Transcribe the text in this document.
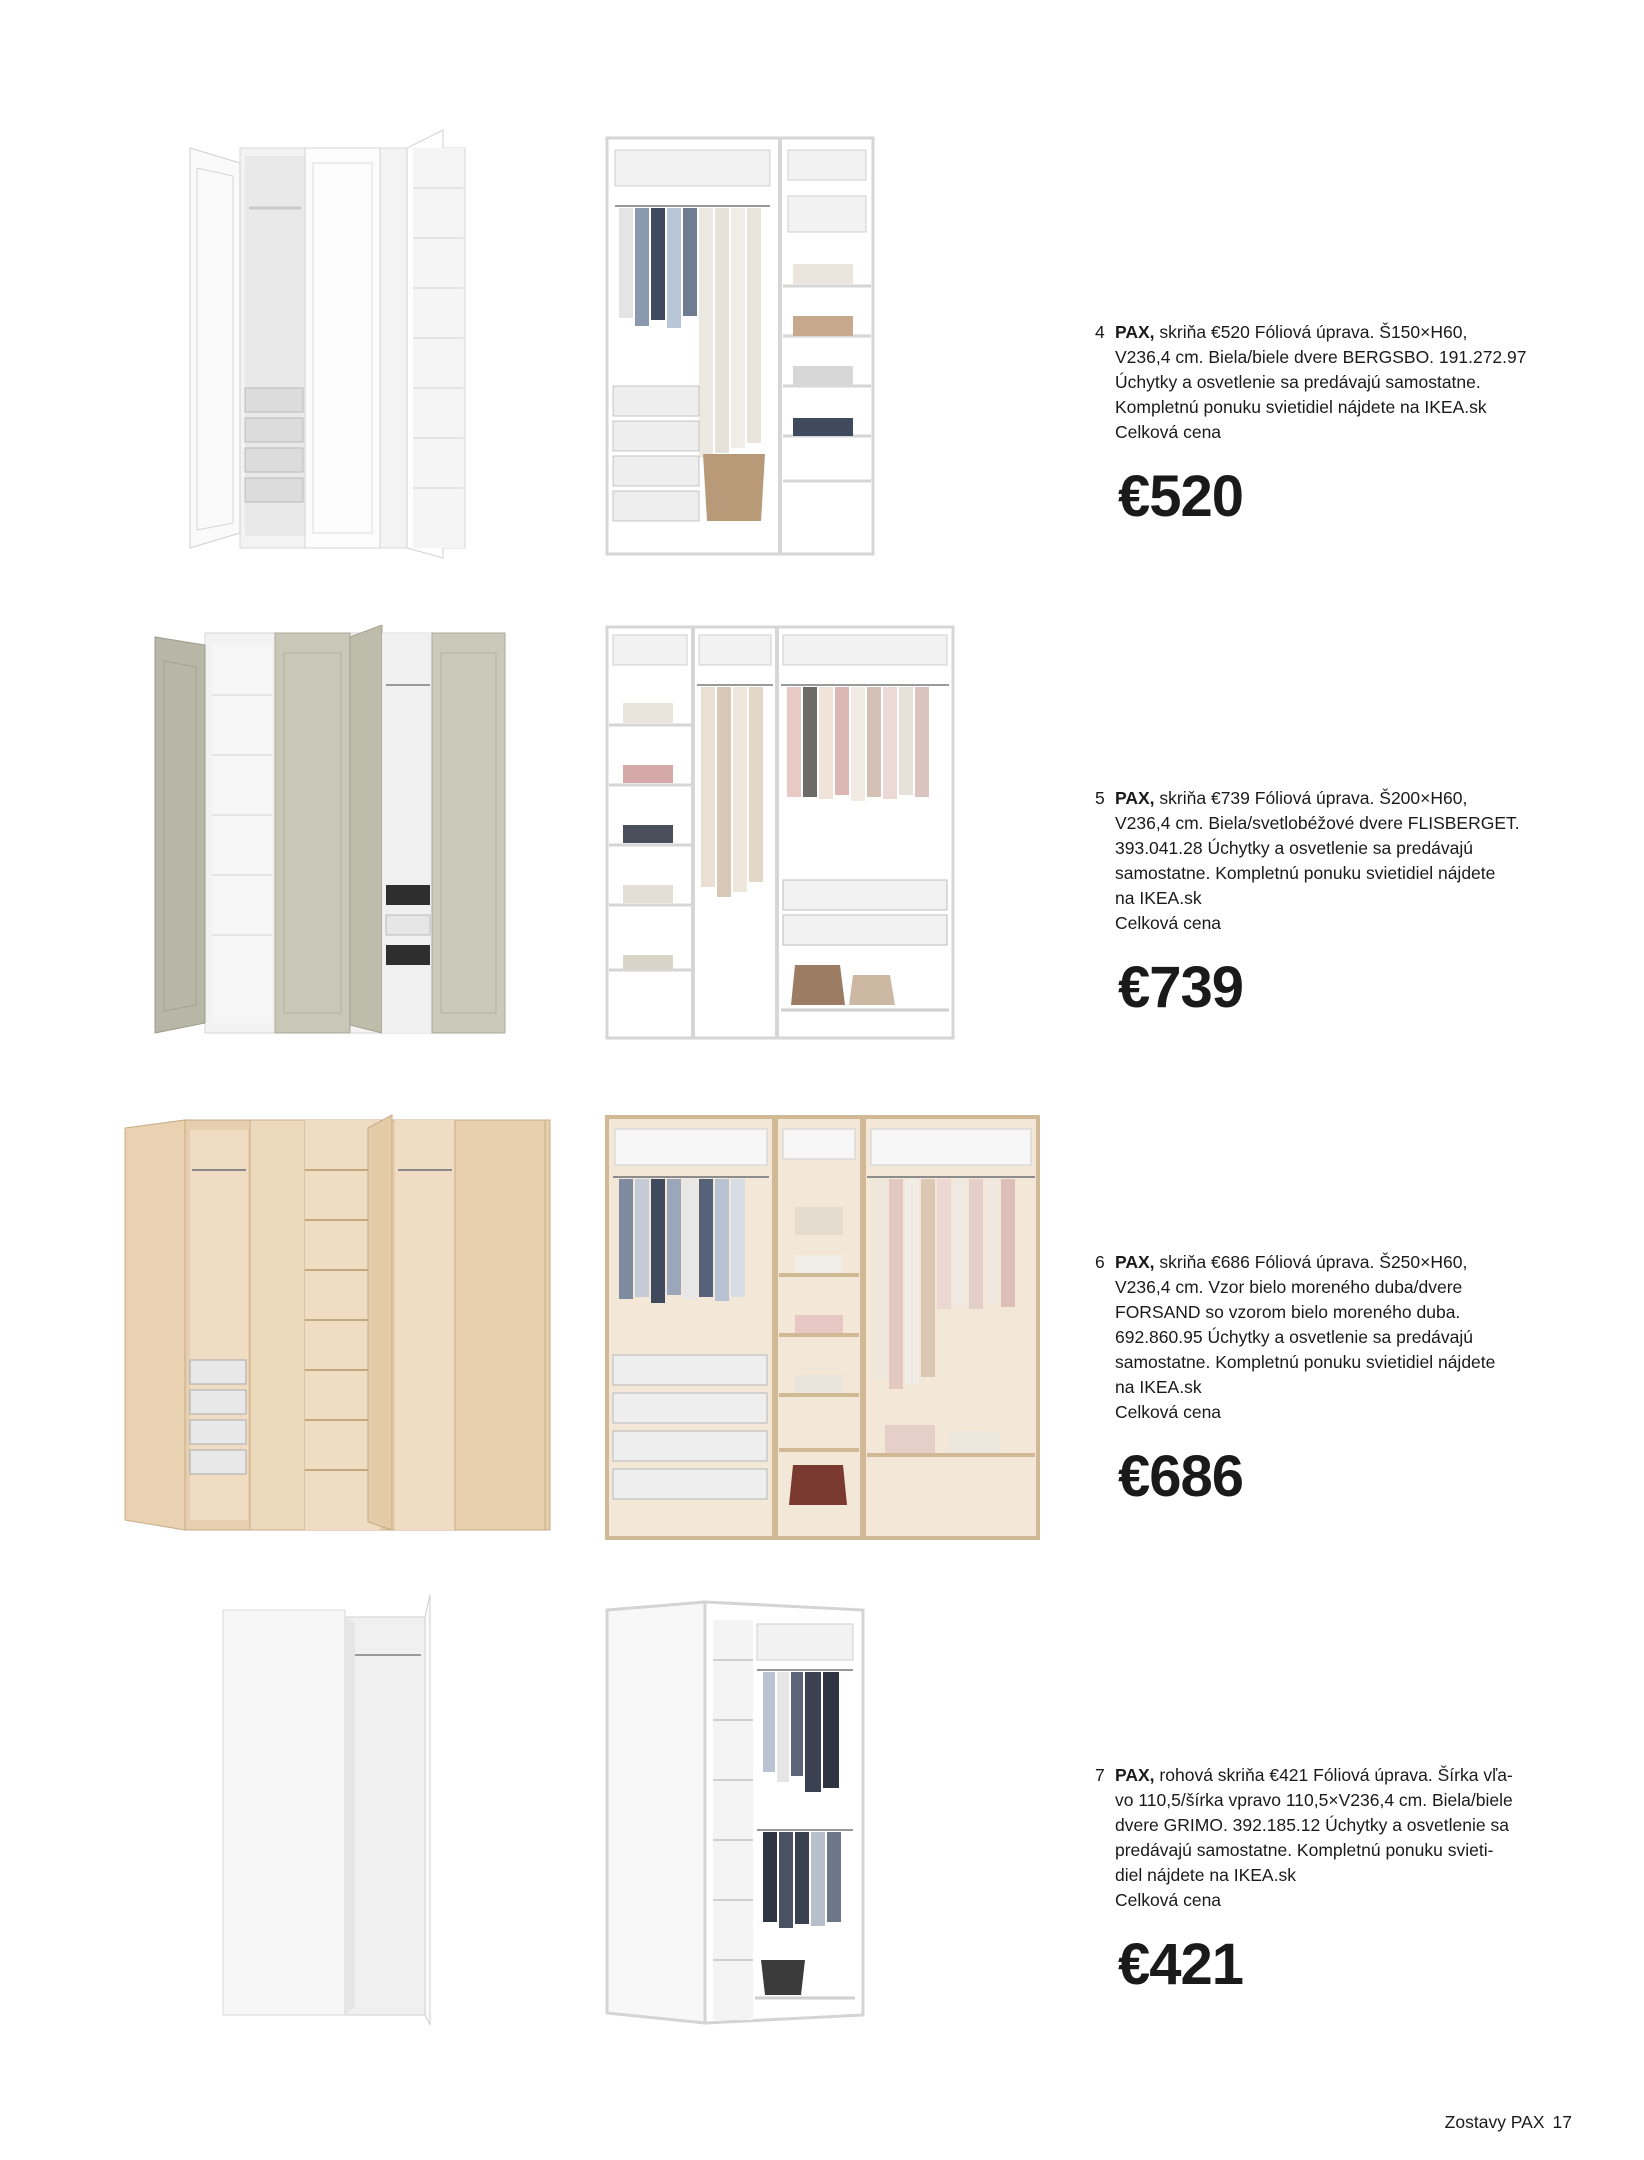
4 PAX, skriňa €520 Fóliová úprava. Š150×H60,
V236,4 cm. Biela/biele dvere BERGSBO. 191.272.97
Úchytky a osvetlenie sa predávajú samostatne.
Kompletnú ponuku svietidiel nájdete na IKEA.sk
Celková cena
€520
5 PAX, skriňa €739 Fóliová úprava. Š200×H60,
V236,4 cm. Biela/svetlobéžové dvere FLISBERGET.
393.041.28 Úchytky a osvetlenie sa predávajú
samostatne. Kompletnú ponuku svietidiel nájdete
na IKEA.sk
Celková cena
€739
6 PAX, skriňa €686 Fóliová úprava. Š250×H60,
V236,4 cm. Vzor bielo moreného duba/dvere
FORSAND so vzorom bielo moreného duba.
692.860.95 Úchytky a osvetlenie sa predávajú
samostatne. Kompletnú ponuku svietidiel nájdete
na IKEA.sk
Celková cena
€686
7 PAX, rohová skriňa €421 Fóliová úprava. Šírka vľa-
vo 110,5/šírka vpravo 110,5×V236,4 cm. Biela/biele
dvere GRIMO. 392.185.12 Úchytky a osvetlenie sa
predávajú samostatne. Kompletnú ponuku svieti-
diel nájdete na IKEA.sk
Celková cena
€421
Zostavy PAX 17
